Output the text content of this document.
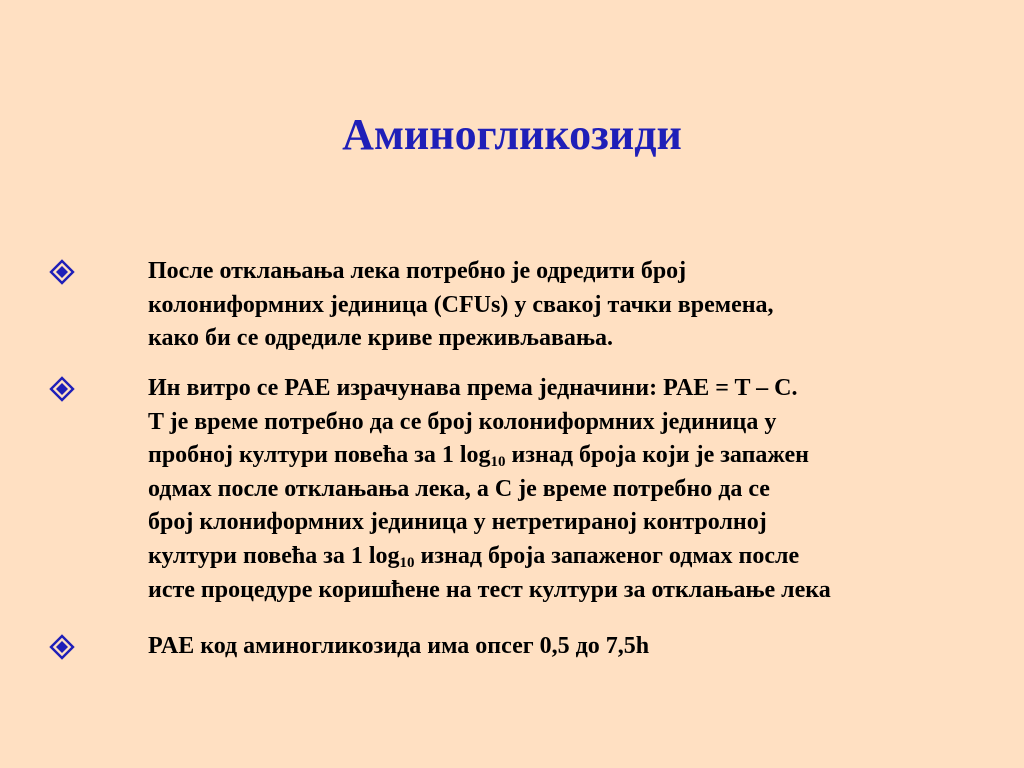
Аминогликозиди
После отклањања лека потребно је одредити број
колониформних јединица (CFUs) у свакој тачки времена,
како би се одредиле криве преживљавања.
Ин витро се PAE израчунава према једначини: PAE = T – C.
T је време потребно да се број колониформних јединица у
пробној култури повећа за 1 $\log_{10}$ изнад броја који је запажен
одмах после отклањања лека, а C је време потребно да се
број клониформних јединица у нетретираној контролној
култури повећа за 1 $\log_{10}$ изнад броја запаженог одмах после
исте процедуре коришћене на тест култури за отклањање лека
PAE код аминогликозида има опсег 0,5 до 7,5h
